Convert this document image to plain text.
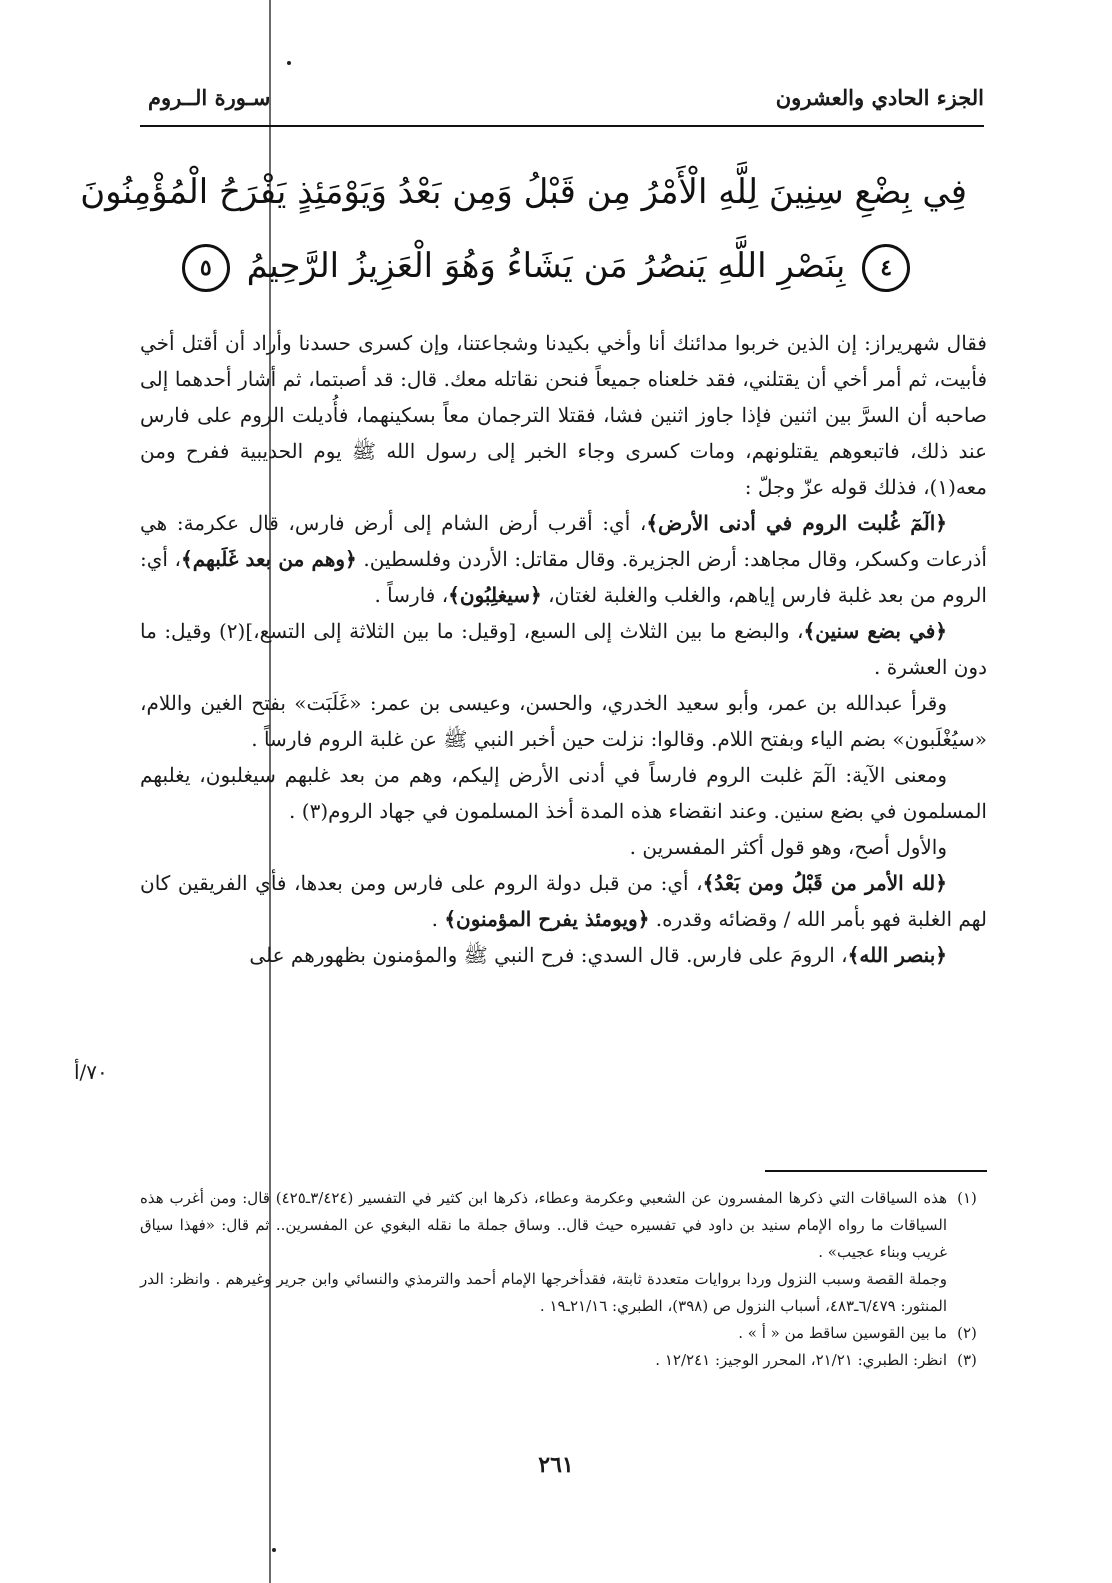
الجزء الحادي والعشرون
سـورة الــروم
فِي بِضْعِ سِنِينَ لِلَّهِ الْأَمْرُ مِن قَبْلُ وَمِن بَعْدُ وَيَوْمَئِذٍ يَفْرَحُ الْمُؤْمِنُونَ
٤ بِنَصْرِ اللَّهِ يَنصُرُ مَن يَشَاءُ وَهُوَ الْعَزِيزُ الرَّحِيمُ ٥

فقال شهريراز: إن الذين خربوا مدائنك أنا وأخي بكيدنا وشجاعتنا، وإن كسرى حسدنا وأراد أن أقتل أخي فأبيت، ثم أمر أخي أن يقتلني، فقد خلعناه جميعاً فنحن نقاتله معك. قال: قد أصبتما، ثم أشار أحدهما إلى صاحبه أن السرَّ بين اثنين فإذا جاوز اثنين فشا، فقتلا الترجمان معاً بسكينهما، فأُديلت الروم على فارس عند ذلك، فاتبعوهم يقتلونهم، ومات كسرى وجاء الخبر إلى رسول الله ﷺ يوم الحديبية ففرح ومن معه(١)، فذلك قوله عزّ وجلّ :

﴿الٓمٓ غُلبت الروم في أدنى الأرض﴾، أي: أقرب أرض الشام إلى أرض فارس، قال عكرمة: هي أذرعات وكسكر، وقال مجاهد: أرض الجزيرة. وقال مقاتل: الأردن وفلسطين. ﴿وهم من بعد غَلَبهم﴾، أي: الروم من بعد غلبة فارس إياهم، والغلب والغلبة لغتان، ﴿سيغلِبُون﴾، فارساً .

﴿في بضع سنين﴾، والبضع ما بين الثلاث إلى السبع، [وقيل: ما بين الثلاثة إلى التسع،](٢) وقيل: ما دون العشرة .

وقرأ عبدالله بن عمر، وأبو سعيد الخدري، والحسن، وعيسى بن عمر: «غَلَبَت» بفتح الغين واللام، «سيُغْلَبون» بضم الياء وبفتح اللام. وقالوا: نزلت حين أخبر النبي ﷺ عن غلبة الروم فارساً .

ومعنى الآية: الٓمٓ غلبت الروم فارساً في أدنى الأرض إليكم، وهم من بعد غلبهم سيغلبون، يغلبهم المسلمون في بضع سنين. وعند انقضاء هذه المدة أخذ المسلمون في جهاد الروم(٣) .

والأول أصح، وهو قول أكثر المفسرين .

﴿لله الأمر من قَبْلُ ومن بَعْدُ﴾، أي: من قبل دولة الروم على فارس ومن بعدها، فأي الفريقين كان لهم الغلبة فهو بأمر الله / وقضائه وقدره. ﴿ويومئذ يفرح المؤمنون﴾ .

﴿بنصر الله﴾، الرومَ على فارس. قال السدي: فرح النبي ﷺ والمؤمنون بظهورهم على

٧٠/أ
(١)
هذه السياقات التي ذكرها المفسرون عن الشعبي وعكرمة وعطاء، ذكرها ابن كثير في التفسير (٣/٤٢٤ـ٤٢٥) قال: ومن أغرب هذه السياقات ما رواه الإمام سنيد بن داود في تفسيره حيث قال.. وساق جملة ما نقله البغوي عن المفسرين.. ثم قال: «فهذا سياق غريب وبناء عجيب» .
وجملة القصة وسبب النزول وردا بروايات متعددة ثابتة، فقدأخرجها الإمام أحمد والترمذي والنسائي وابن جرير وغيرهم . وانظر: الدر المنثور: ٦/٤٧٩ـ٤٨٣، أسباب النزول ص (٣٩٨)، الطبري: ٢١/١٦ـ١٩ .
(٢)
ما بين القوسين ساقط من « أ » .
(٣)
انظر: الطبري: ٢١/٢١، المحرر الوجيز: ١٢/٢٤١ .
٢٦١
